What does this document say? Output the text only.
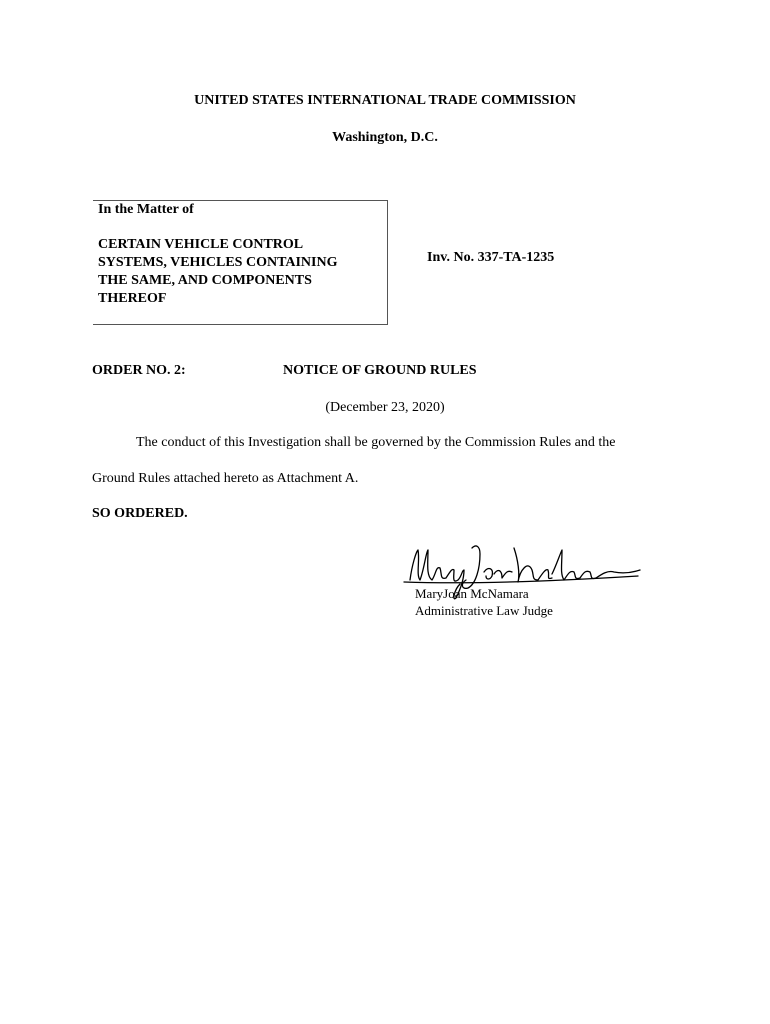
UNITED STATES INTERNATIONAL TRADE COMMISSION
Washington, D.C.
In the Matter of
CERTAIN VEHICLE CONTROL
SYSTEMS, VEHICLES CONTAINING
THE SAME, AND COMPONENTS
THEREOF
Inv. No. 337-TA-1235
ORDER NO. 2:	NOTICE OF GROUND RULES
(December 23, 2020)
The conduct of this Investigation shall be governed by the Commission Rules and the
Ground Rules attached hereto as Attachment A.
SO ORDERED.
MaryJoan McNamara
Administrative Law Judge
